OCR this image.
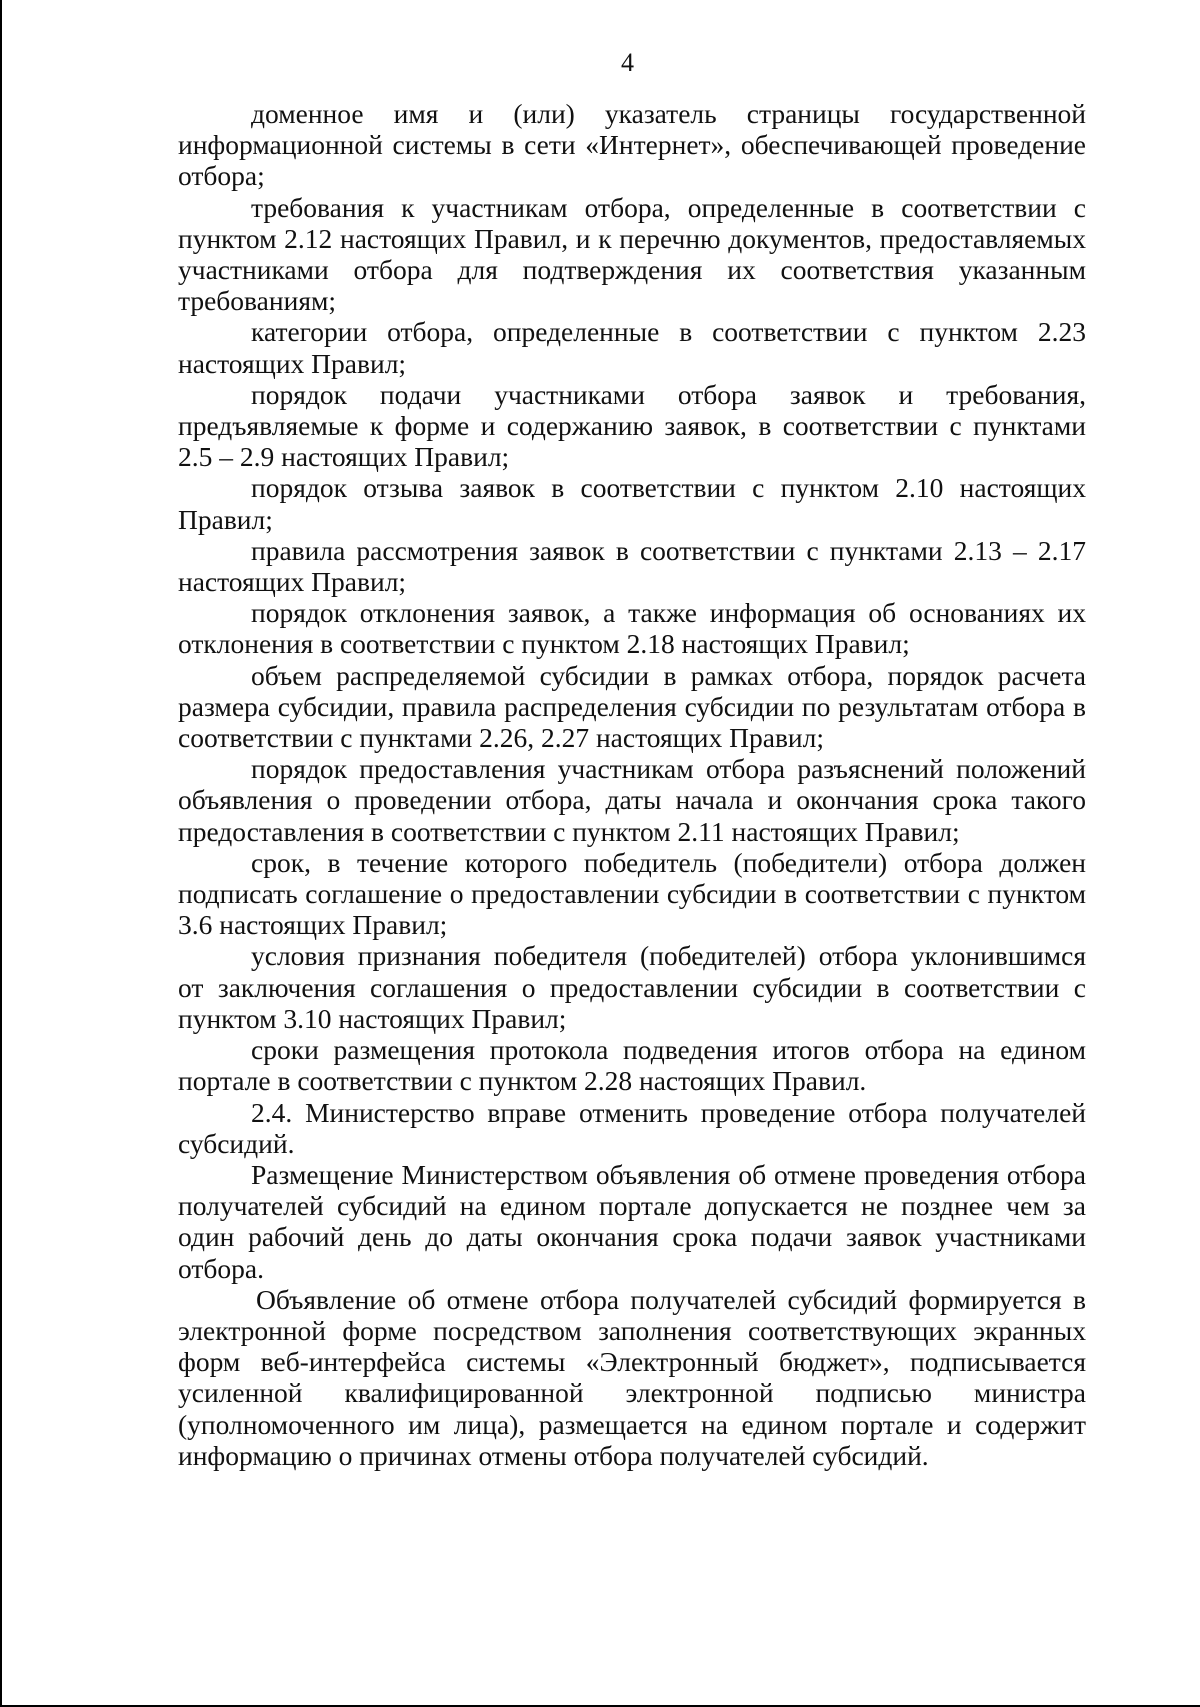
4

доменное имя и (или) указатель страницы государственной информационной системы в сети «Интернет», обеспечивающей проведение отбора;

требования к участникам отбора, определенные в соответствии с пунктом 2.12 настоящих Правил, и к перечню документов, предоставляемых участниками отбора для подтверждения их соответствия указанным требованиям;

категории отбора, определенные в соответствии с пунктом 2.23 настоящих Правил;

порядок подачи участниками отбора заявок и требования, предъявляемые к форме и содержанию заявок, в соответствии с пунктами 2.5 – 2.9 настоящих Правил;

порядок отзыва заявок в соответствии с пунктом 2.10 настоящих Правил;

правила рассмотрения заявок в соответствии с пунктами 2.13 – 2.17 настоящих Правил;

порядок отклонения заявок, а также информация об основаниях их отклонения в соответствии с пунктом 2.18 настоящих Правил;

объем распределяемой субсидии в рамках отбора, порядок расчета размера субсидии, правила распределения субсидии по результатам отбора в соответствии с пунктами 2.26, 2.27 настоящих Правил;

порядок предоставления участникам отбора разъяснений положений объявления о проведении отбора, даты начала и окончания срока такого предоставления в соответствии с пунктом 2.11 настоящих Правил;

срок, в течение которого победитель (победители) отбора должен подписать соглашение о предоставлении субсидии в соответствии с пунктом 3.6 настоящих Правил;

условия признания победителя (победителей) отбора уклонившимся от заключения соглашения о предоставлении субсидии в соответствии с пунктом 3.10 настоящих Правил;

сроки размещения протокола подведения итогов отбора на едином портале в соответствии с пунктом 2.28 настоящих Правил.

2.4. Министерство вправе отменить проведение отбора получателей субсидий.

Размещение Министерством объявления об отмене проведения отбора получателей субсидий на едином портале допускается не позднее чем за один рабочий день до даты окончания срока подачи заявок участниками отбора.

Объявление об отмене отбора получателей субсидий формируется в электронной форме посредством заполнения соответствующих экранных форм веб-интерфейса системы «Электронный бюджет», подписывается усиленной квалифицированной электронной подписью министра (уполномоченного им лица), размещается на едином портале и содержит информацию о причинах отмены отбора получателей субсидий.
